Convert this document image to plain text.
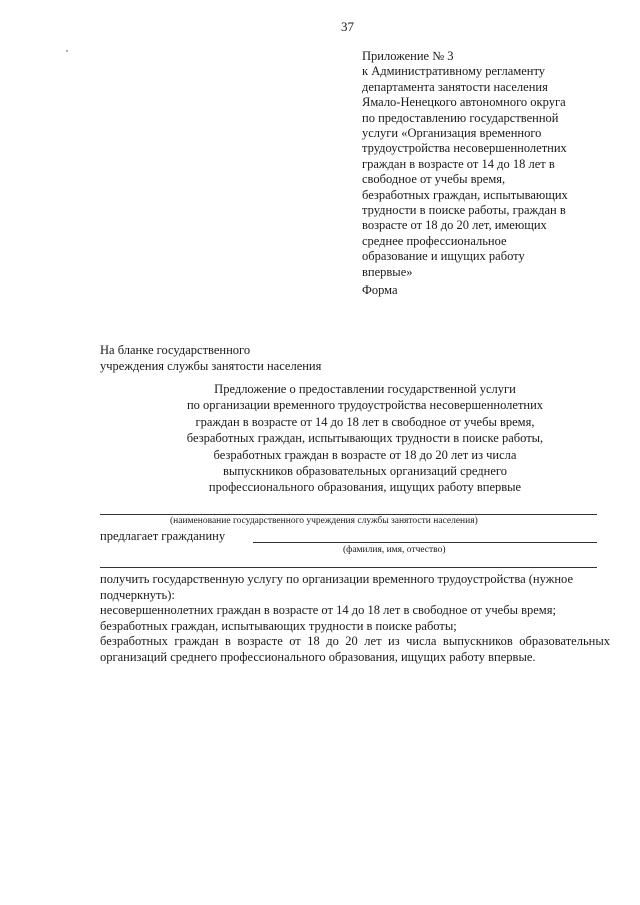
37
Приложение № 3
к Административному регламенту
департамента занятости населения
Ямало-Ненецкого автономного округа
по предоставлению государственной
услуги «Организация временного
трудоустройства несовершеннолетних
граждан в возрасте от 14 до 18 лет в
свободное от учебы время,
безработных граждан, испытывающих
трудности в поиске работы, граждан в
возрасте от 18 до 20 лет, имеющих
среднее профессиональное
образование и ищущих работу
впервые»
Форма
На бланке государственного
учреждения службы занятости населения
Предложение о предоставлении государственной услуги
по организации временного трудоустройства несовершеннолетних
граждан в возрасте от 14 до 18 лет в свободное от учебы время,
безработных граждан, испытывающих трудности в поиске работы,
безработных граждан в возрасте от 18 до 20 лет из числа
выпускников образовательных организаций среднего
профессионального образования, ищущих работу впервые
(наименование государственного учреждения службы занятости населения)
предлагает гражданину
(фамилия, имя, отчество)

получить государственную услугу по организации временного трудоустройства (нужное подчеркнуть):

несовершеннолетних граждан в возрасте от 14 до 18 лет в свободное от учебы время;

безработных граждан, испытывающих трудности в поиске работы;

безработных граждан в возрасте от 18 до 20 лет из числа выпускников образовательных организаций среднего профессионального образования, ищущих работу впервые.
